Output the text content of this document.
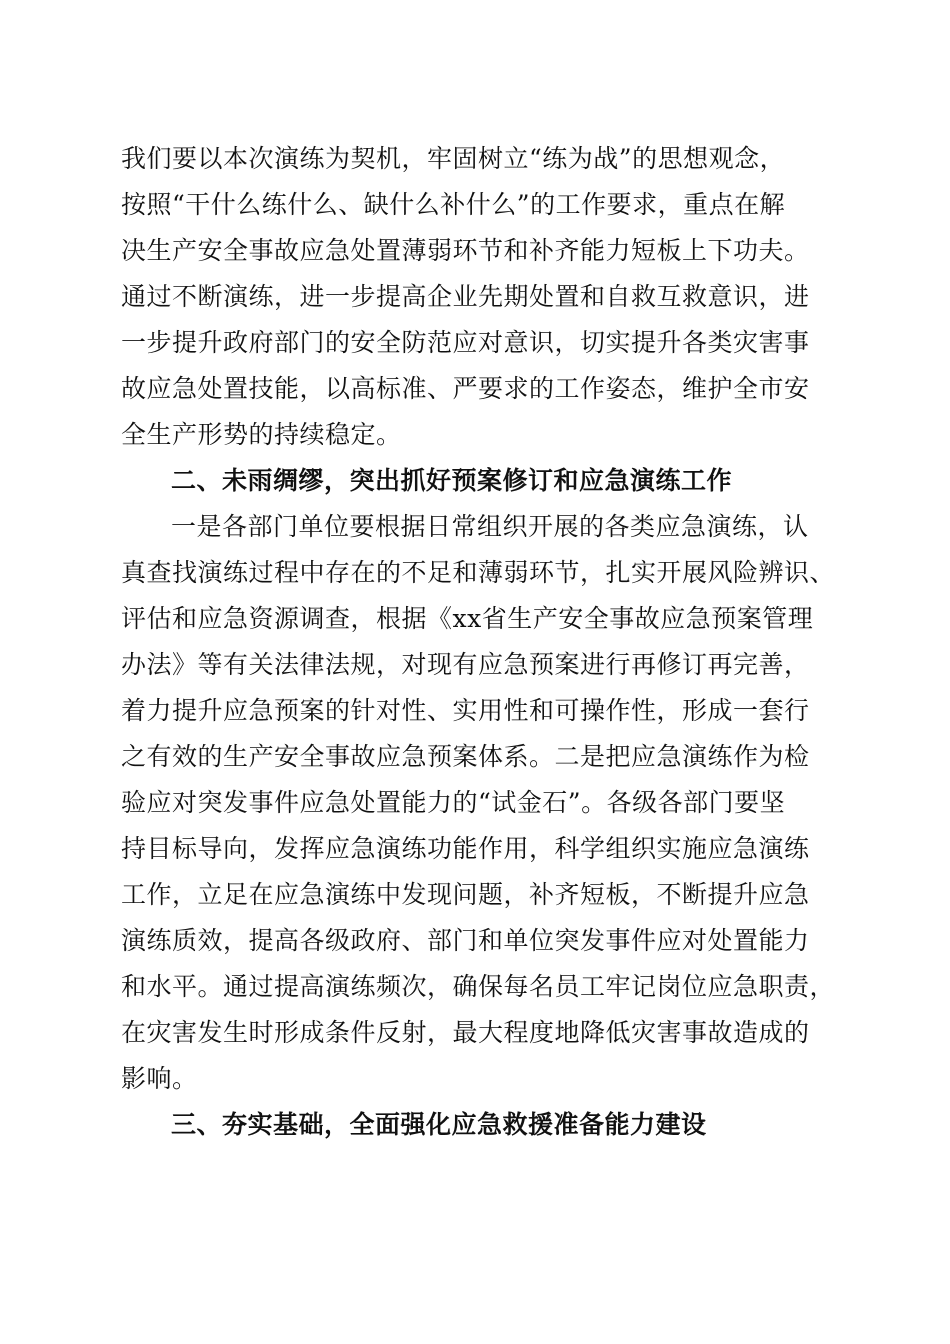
我们要以本次演练为契机，牢固树立“练为战”的思想观念，
按照“干什么练什么、缺什么补什么”的工作要求，重点在解
决生产安全事故应急处置薄弱环节和补齐能力短板上下功夫。
通过不断演练，进一步提高企业先期处置和自救互救意识，进
一步提升政府部门的安全防范应对意识，切实提升各类灾害事
故应急处置技能，以高标准、严要求的工作姿态，维护全市安
全生产形势的持续稳定。
二、未雨绸缪，突出抓好预案修订和应急演练工作
一是各部门单位要根据日常组织开展的各类应急演练，认
真查找演练过程中存在的不足和薄弱环节，扎实开展风险辨识、
评估和应急资源调查，根据《xx省生产安全事故应急预案管理
办法》等有关法律法规，对现有应急预案进行再修订再完善，
着力提升应急预案的针对性、实用性和可操作性，形成一套行
之有效的生产安全事故应急预案体系。二是把应急演练作为检
验应对突发事件应急处置能力的“试金石”。各级各部门要坚
持目标导向，发挥应急演练功能作用，科学组织实施应急演练
工作，立足在应急演练中发现问题，补齐短板，不断提升应急
演练质效，提高各级政府、部门和单位突发事件应对处置能力
和水平。通过提高演练频次，确保每名员工牢记岗位应急职责，
在灾害发生时形成条件反射，最大程度地降低灾害事故造成的
影响。
三、夯实基础，全面强化应急救援准备能力建设
